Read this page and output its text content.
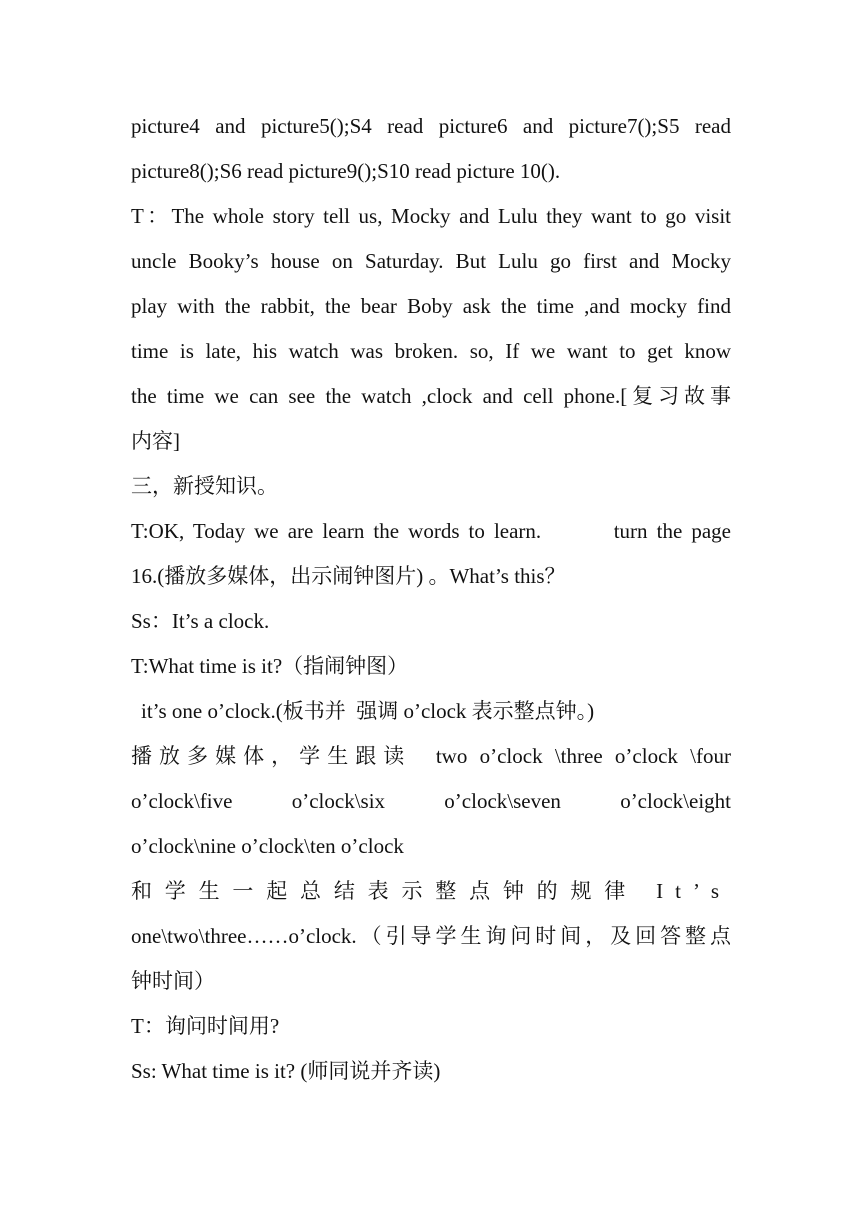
picture4 and picture5();S4 read picture6 and picture7();S5 read
picture8();S6 read picture9();S10 read picture 10().
T：The whole story tell us, Mocky and Lulu they want to go visit
uncle Booky’s house on Saturday. But Lulu go first and Mocky
play with the rabbit, the bear Boby ask the time ,and mocky find
time is late, his watch was broken. so, If we want to get know
the time we can see the watch ,clock and cell phone.[复习故事
内容]
三，新授知识。
T:OK, Today we are learn the words to learn.        turn the page
16.(播放多媒体，出示闹钟图片) 。What’s this？
Ss：It’s a clock.
T:What time is it?（指闹钟图）
it’s one o’clock.(板书并  强调 o’clock 表示整点钟。)
播放多媒体，学生跟读  two o’clock \three o’clock \four
o’clock\five o’clock\six o’clock\seven o’clock\eight
o’clock\nine o’clock\ten o’clock
和学生一起总结表示整点钟的规律 It’s
one\two\three……o’clock.（引导学生询问时间，及回答整点
钟时间）
T：询问时间用?
Ss: What time is it? (师同说并齐读)
